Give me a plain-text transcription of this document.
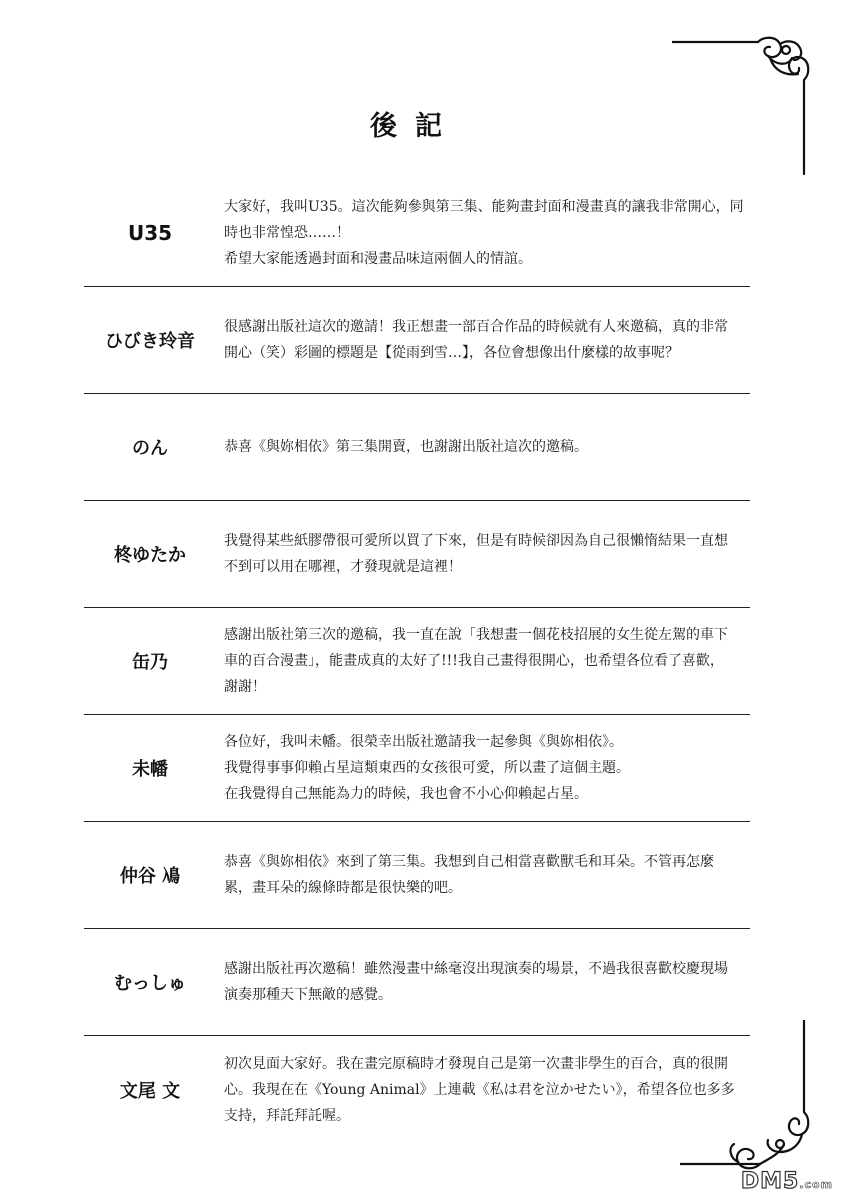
後記
U35

大家好，我叫U35。這次能夠參與第三集、能夠畫封面和漫畫真的讓我非常開心，同

時也非常惶恐……！

希望大家能透過封面和漫畫品味這兩個人的情誼。

ひびき玲音

很感謝出版社這次的邀請！我正想畫一部百合作品的時候就有人來邀稿，真的非常

開心（笑）彩圖的標題是【從雨到雪…】，各位會想像出什麼樣的故事呢？

のん	恭喜《與妳相依》第三集開賣，也謝謝出版社這次的邀稿。

柊ゆたか

我覺得某些紙膠帶很可愛所以買了下來，但是有時候卻因為自己很懶惰結果一直想

不到可以用在哪裡，才發現就是這裡！

缶乃

感謝出版社第三次的邀稿，我一直在說「我想畫一個花枝招展的女生從左駕的車下

車的百合漫畫」，能畫成真的太好了!!!我自己畫得很開心，也希望各位看了喜歡，

謝謝！

未幡

各位好，我叫未幡。很榮幸出版社邀請我一起參與《與妳相依》。

我覺得事事仰賴占星這類東西的女孩很可愛，所以畫了這個主題。

在我覺得自己無能為力的時候，我也會不小心仰賴起占星。

仲谷 鳰

恭喜《與妳相依》來到了第三集。我想到自己相當喜歡獸毛和耳朵。不管再怎麼

累，畫耳朵的線條時都是很快樂的吧。

むっしゅ

感謝出版社再次邀稿！雖然漫畫中絲毫沒出現演奏的場景，不過我很喜歡校慶現場

演奏那種天下無敵的感覺。

文尾 文

初次見面大家好。我在畫完原稿時才發現自己是第一次畫非學生的百合，真的很開

心。我現在在《Young Animal》上連載《私は君を泣かせたい》，希望各位也多多

支持，拜託拜託喔。

DM5.com
